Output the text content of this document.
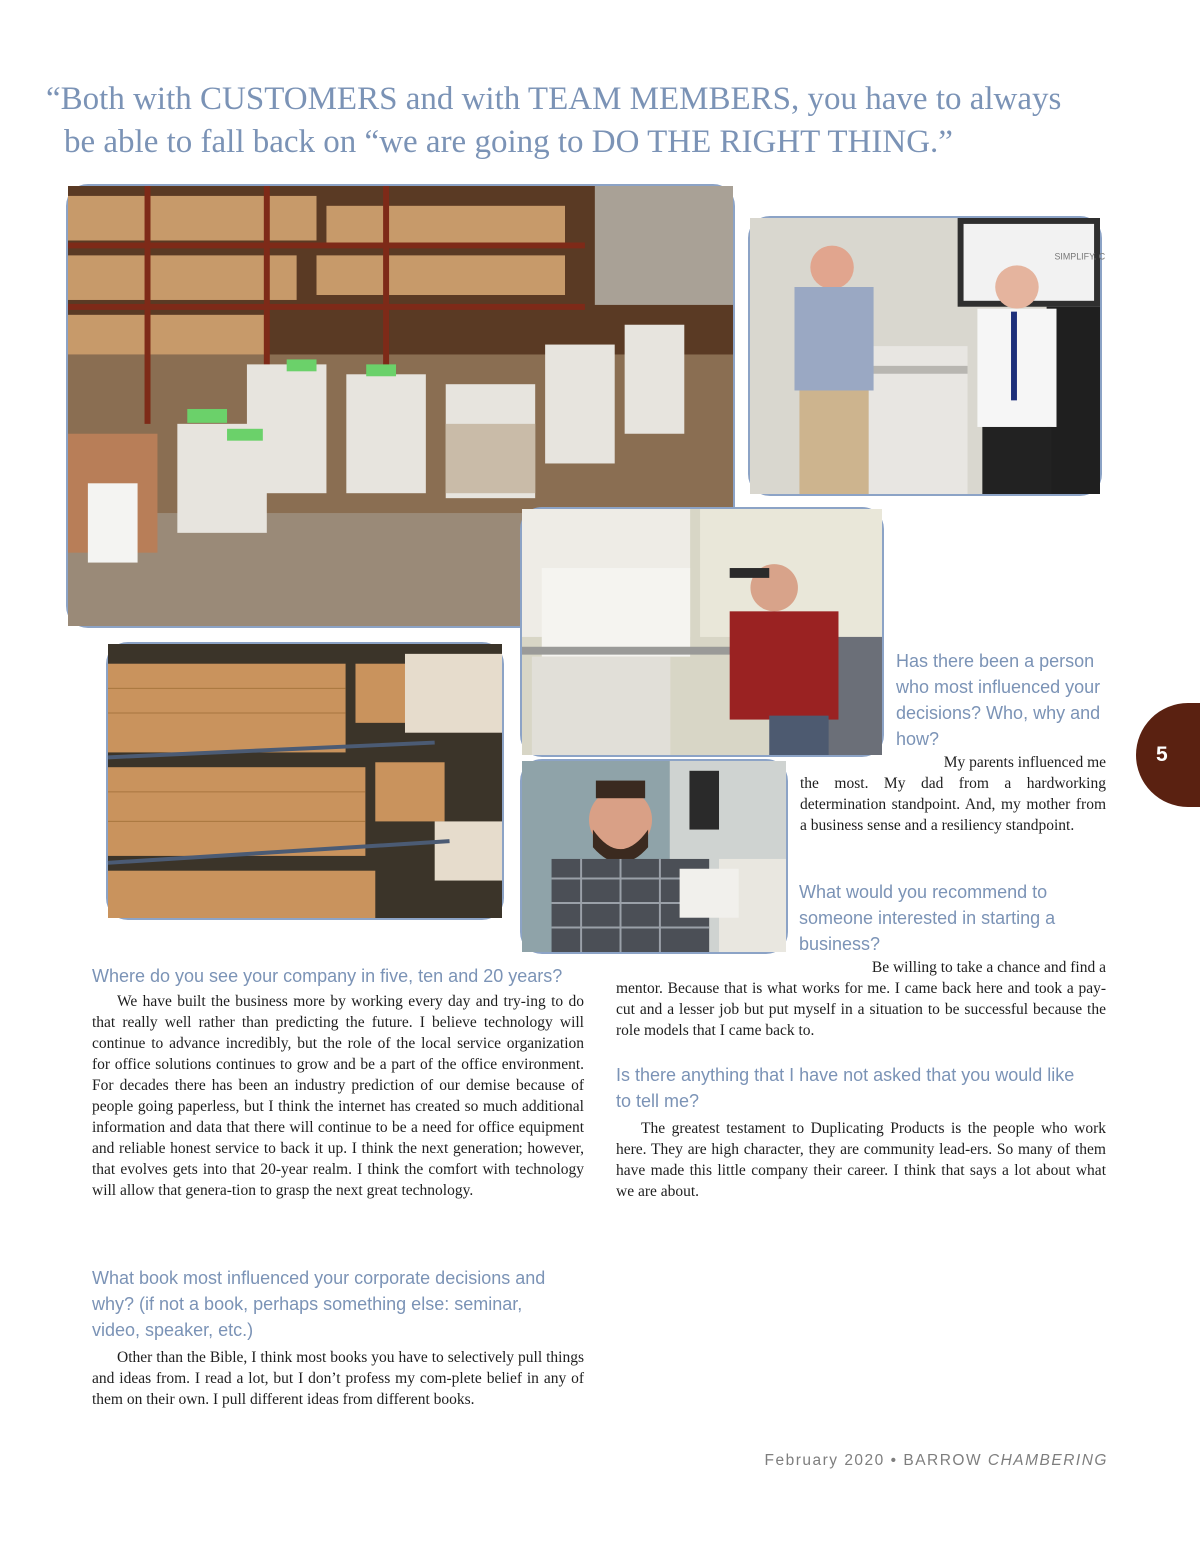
“Both with CUSTOMERS and with TEAM MEMBERS, you have to always
be able to fall back on “we are going to DO THE RIGHT THING.”

SIMPLIFY. C
Has there been a person
who most influenced your
decisions? Who, why and
how?

My parents influenced me

the most. My dad from a hardworking determination standpoint. And, my mother from a business sense and a resiliency standpoint.

What would you recommend to
someone interested in starting a
business?

Be willing to take a chance and find a

mentor. Because that is what works for me. I came back here and took a pay-cut and a lesser job but put myself in a situation to be successful because the role models that I came back to.

Is there anything that I have not asked that you would like
to tell me?

The greatest testament to Duplicating Products is the people who work here. They are high character, they are community lead-ers. So many of them have made this little company their career. I think that says a lot about what we are about.

Where do you see your company in five, ten and 20 years?

We have built the business more by working every day and try-ing to do that really well rather than predicting the future. I believe technology will continue to advance incredibly, but the role of the local service organization for office solutions continues to grow and be a part of the office environment. For decades there has been an industry prediction of our demise because of people going paperless, but I think the internet has created so much additional information and data that there will continue to be a need for office equipment and reliable honest service to back it up. I think the next generation; however, that evolves gets into that 20-year realm. I think the comfort with technology will allow that genera-tion to grasp the next great technology.

What book most influenced your corporate decisions and
why? (if not a book, perhaps something else: seminar,
video, speaker, etc.)

Other than the Bible, I think most books you have to selectively pull things and ideas from. I read a lot, but I don’t profess my com-plete belief in any of them on their own. I pull different ideas from different books.

5
February 2020 • BARROW CHAMBERING
